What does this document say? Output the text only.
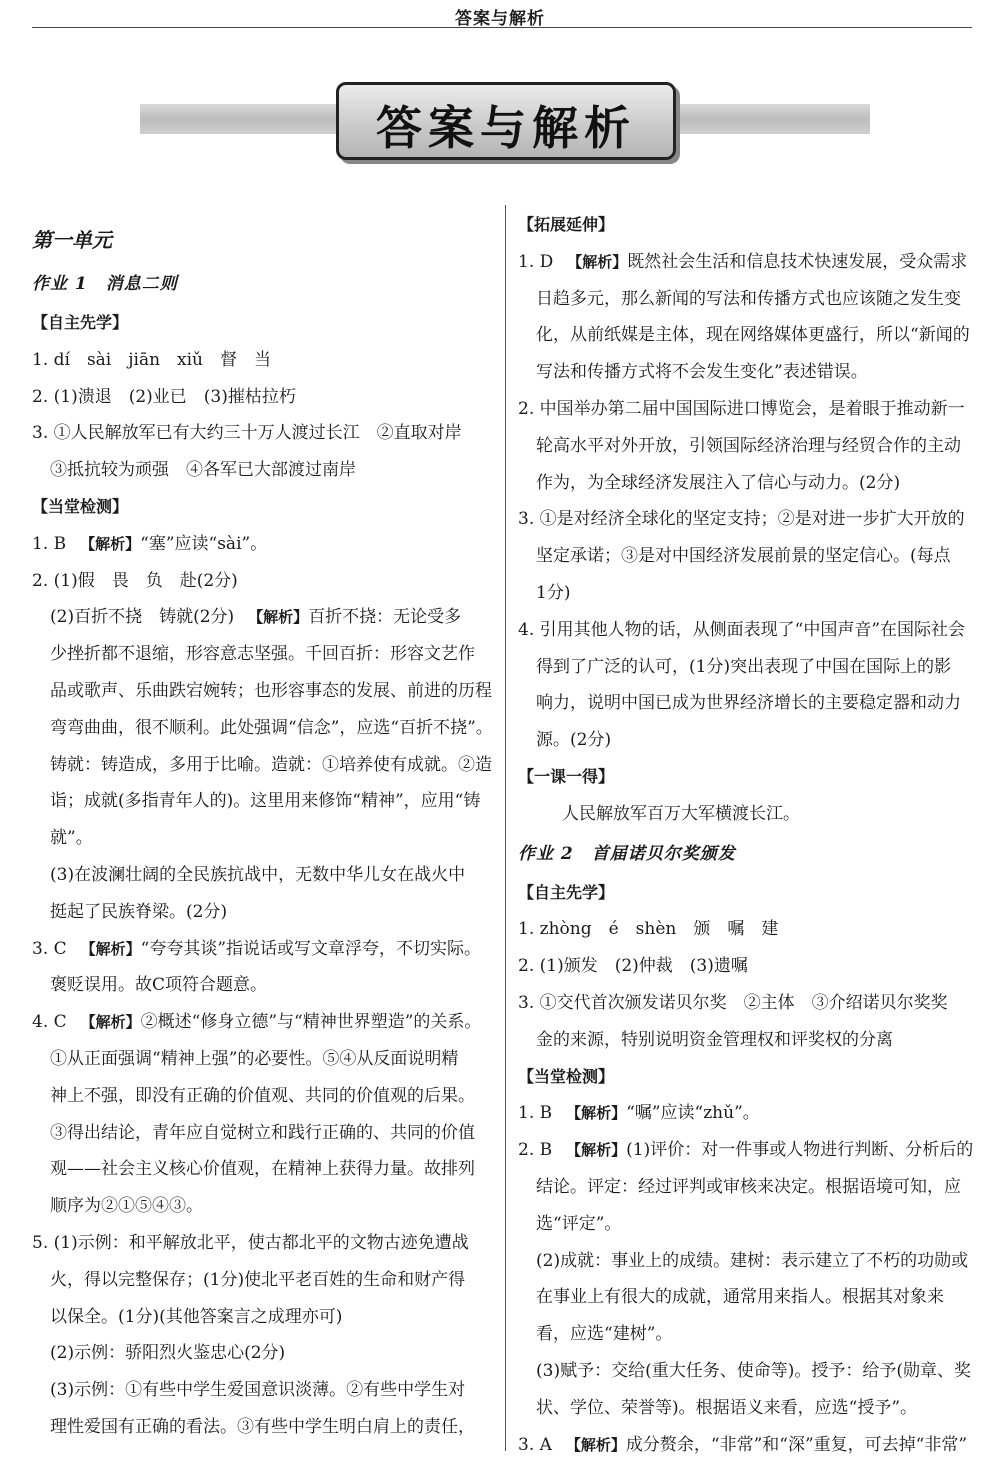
答案与解析
答案与解析
第一单元
作业 1　消息二则
【自主先学】
1. dí　sài　jiān　xiǔ　督　当
2. (1)溃退　(2)业已　(3)摧枯拉朽
3. ①人民解放军已有大约三十万人渡过长江　②直取对岸
③抵抗较为顽强　④各军已大部渡过南岸
【当堂检测】
1. B 【解析】“塞”应读“sài”。
2. (1)假　畏　负　赴(2分)
(2)百折不挠　铸就(2分) 【解析】百折不挠：无论受多
少挫折都不退缩，形容意志坚强。千回百折：形容文艺作
品或歌声、乐曲跌宕婉转；也形容事态的发展、前进的历程
弯弯曲曲，很不顺利。此处强调“信念”，应选“百折不挠”。
铸就：铸造成，多用于比喻。造就：①培养使有成就。②造
诣；成就(多指青年人的)。这里用来修饰“精神”，应用“铸
就”。
(3)在波澜壮阔的全民族抗战中，无数中华儿女在战火中
挺起了民族脊梁。(2分)
3. C 【解析】“夸夸其谈”指说话或写文章浮夸，不切实际。
褒贬误用。故C项符合题意。
4. C 【解析】②概述“修身立德”与“精神世界塑造”的关系。
①从正面强调“精神上强”的必要性。⑤④从反面说明精
神上不强，即没有正确的价值观、共同的价值观的后果。
③得出结论，青年应自觉树立和践行正确的、共同的价值
观——社会主义核心价值观，在精神上获得力量。故排列
顺序为②①⑤④③。
5. (1)示例：和平解放北平，使古都北平的文物古迹免遭战
火，得以完整保存；(1分)使北平老百姓的生命和财产得
以保全。(1分)(其他答案言之成理亦可)
(2)示例：骄阳烈火鉴忠心(2分)
(3)示例：①有些中学生爱国意识淡薄。②有些中学生对
理性爱国有正确的看法。③有些中学生明白肩上的责任，
【拓展延伸】
1. D 【解析】既然社会生活和信息技术快速发展，受众需求
日趋多元，那么新闻的写法和传播方式也应该随之发生变
化，从前纸媒是主体，现在网络媒体更盛行，所以“新闻的
写法和传播方式将不会发生变化”表述错误。
2. 中国举办第二届中国国际进口博览会，是着眼于推动新一
轮高水平对外开放，引领国际经济治理与经贸合作的主动
作为，为全球经济发展注入了信心与动力。(2分)
3. ①是对经济全球化的坚定支持；②是对进一步扩大开放的
坚定承诺；③是对中国经济发展前景的坚定信心。(每点
1分)
4. 引用其他人物的话，从侧面表现了“中国声音”在国际社会
得到了广泛的认可，(1分)突出表现了中国在国际上的影
响力，说明中国已成为世界经济增长的主要稳定器和动力
源。(2分)
【一课一得】
人民解放军百万大军横渡长江。
作业 2　首届诺贝尔奖颁发
【自主先学】
1. zhòng　é　shèn　颁　嘱　建
2. (1)颁发　(2)仲裁　(3)遗嘱
3. ①交代首次颁发诺贝尔奖　②主体　③介绍诺贝尔奖奖
金的来源，特别说明资金管理权和评奖权的分离
【当堂检测】
1. B 【解析】“嘱”应读“zhǔ”。
2. B 【解析】(1)评价：对一件事或人物进行判断、分析后的
结论。评定：经过评判或审核来决定。根据语境可知，应
选“评定”。
(2)成就：事业上的成绩。建树：表示建立了不朽的功勋或
在事业上有很大的成就，通常用来指人。根据其对象来
看，应选“建树”。
(3)赋予：交给(重大任务、使命等)。授予：给予(勋章、奖
状、学位、荣誉等)。根据语义来看，应选“授予”。
3. A 【解析】成分赘余，“非常”和“深”重复，可去掉“非常”
